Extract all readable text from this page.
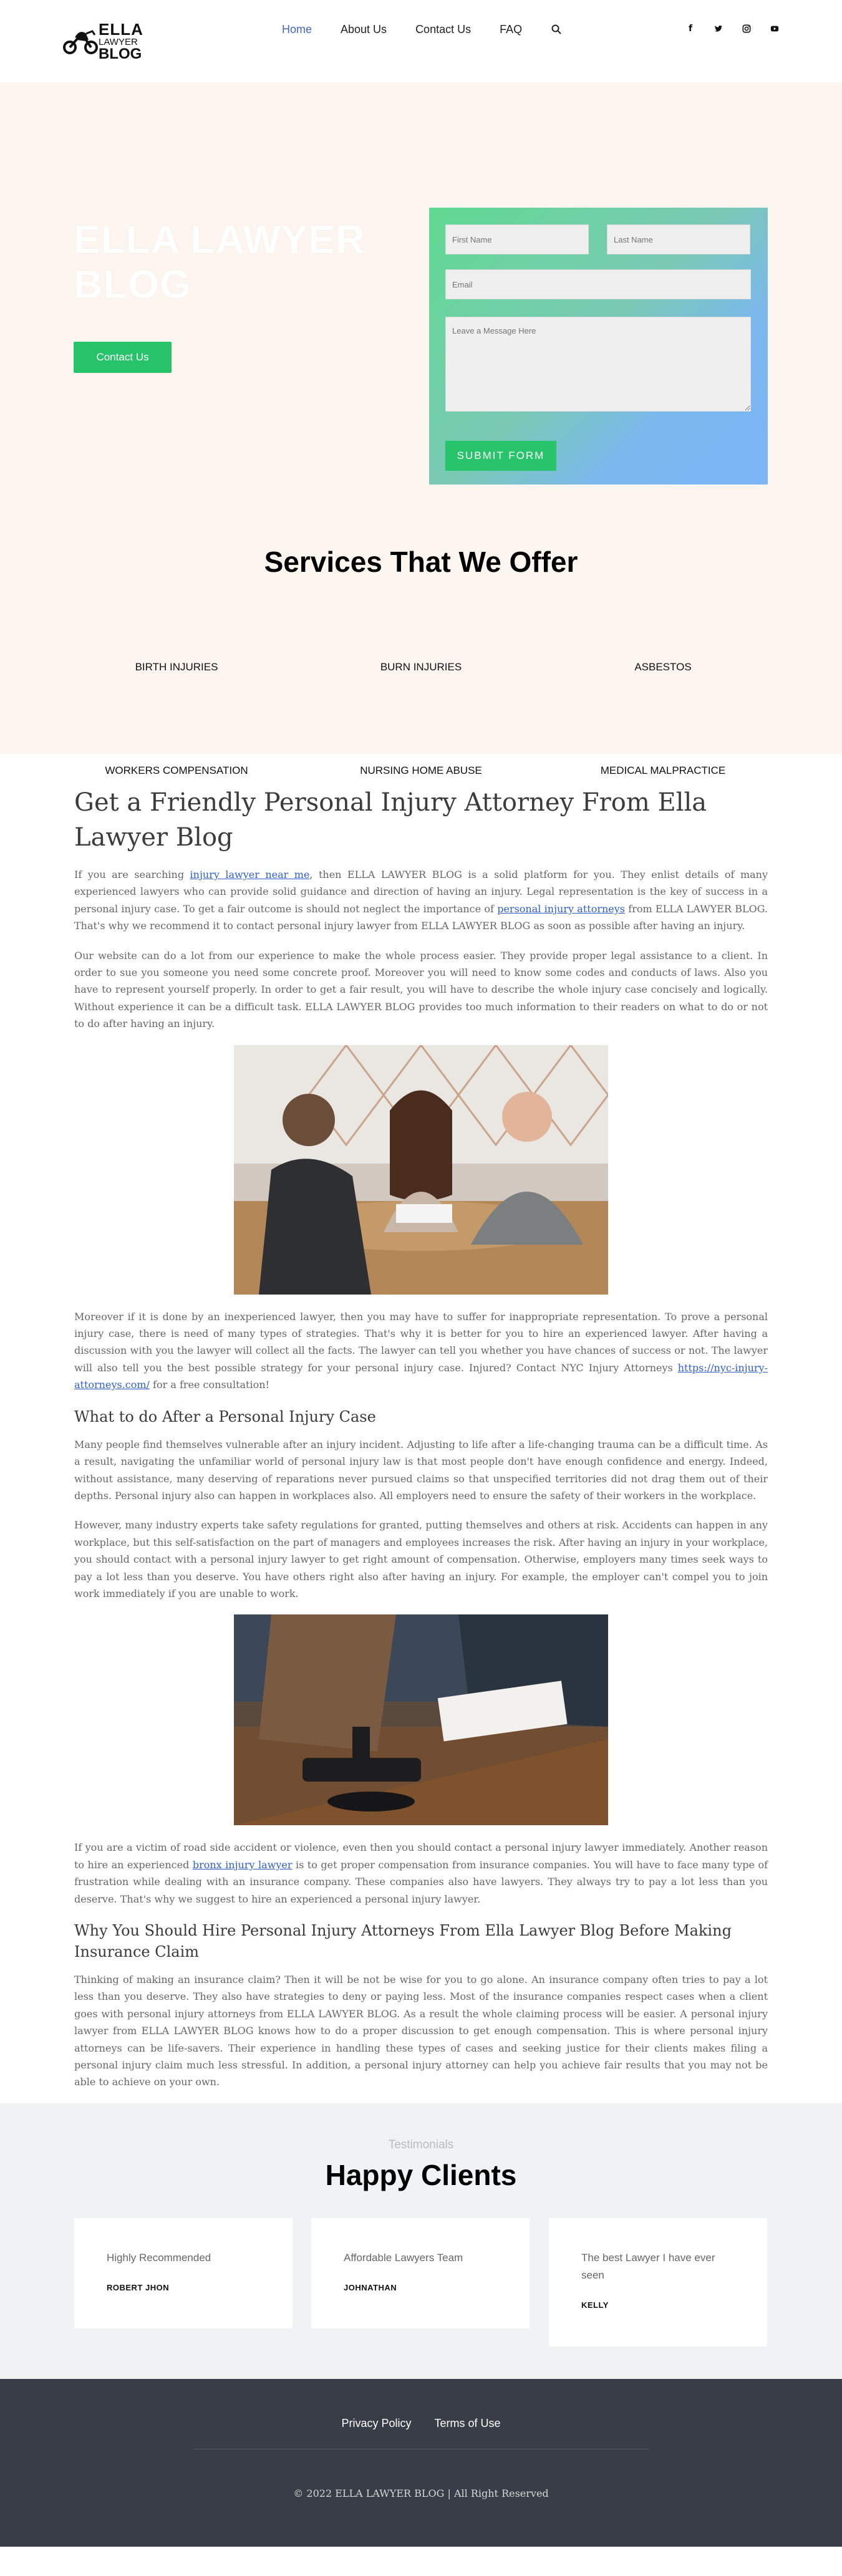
ELLA
LAWYER
BLOG
Home	About Us	Contact Us	FAQ	f
ELLA LAWYER
BLOG
Contact Us
First Name
Last Name
Email
Leave a Message Here
SUBMIT FORM
Services That We Offer
BIRTH INJURIES	BURN INJURIES	ASBESTOS
WORKERS COMPENSATION	NURSING HOME ABUSE	MEDICAL MALPRACTICE
Get a Friendly Personal Injury Attorney From Ella Lawyer Blog

If you are searching injury lawyer near me, then ELLA LAWYER BLOG is a solid platform for you. They enlist details of many experienced lawyers who can provide solid guidance and direction of having an injury. Legal representation is the key of success in a personal injury case. To get a fair outcome is should not neglect the importance of personal injury attorneys from ELLA LAWYER BLOG. That's why we recommend it to contact personal injury lawyer from ELLA LAWYER BLOG as soon as possible after having an injury.

Our website can do a lot from our experience to make the whole process easier. They provide proper legal assistance to a client. In order to sue you someone you need some concrete proof. Moreover you will need to know some codes and conducts of laws. Also you have to represent yourself properly. In order to get a fair result, you will have to describe the whole injury case concisely and logically. Without experience it can be a difficult task. ELLA LAWYER BLOG provides too much information to their readers on what to do or not to do after having an injury.

Moreover if it is done by an inexperienced lawyer, then you may have to suffer for inappropriate representation. To prove a personal injury case, there is need of many types of strategies. That's why it is better for you to hire an experienced lawyer. After having a discussion with you the lawyer will collect all the facts. The lawyer can tell you whether you have chances of success or not. The lawyer will also tell you the best possible strategy for your personal injury case. Injured? Contact NYC Injury Attorneys https://nyc-injury-attorneys.com/ for a free consultation!

What to do After a Personal Injury Case

Many people find themselves vulnerable after an injury incident. Adjusting to life after a life-changing trauma can be a difficult time. As a result, navigating the unfamiliar world of personal injury law is that most people don't have enough confidence and energy. Indeed, without assistance, many deserving of reparations never pursued claims so that unspecified territories did not drag them out of their depths. Personal injury also can happen in workplaces also. All employers need to ensure the safety of their workers in the workplace.

However, many industry experts take safety regulations for granted, putting themselves and others at risk. Accidents can happen in any workplace, but this self-satisfaction on the part of managers and employees increases the risk. After having an injury in your workplace, you should contact with a personal injury lawyer to get right amount of compensation. Otherwise, employers many times seek ways to pay a lot less than you deserve. You have others right also after having an injury. For example, the employer can't compel you to join work immediately if you are unable to work.

If you are a victim of road side accident or violence, even then you should contact a personal injury lawyer immediately. Another reason to hire an experienced bronx injury lawyer is to get proper compensation from insurance companies. You will have to face many type of frustration while dealing with an insurance company. These companies also have lawyers. They always try to pay a lot less than you deserve. That's why we suggest to hire an experienced a personal injury lawyer.

Why You Should Hire Personal Injury Attorneys From Ella Lawyer Blog Before Making Insurance Claim

Thinking of making an insurance claim? Then it will be not be wise for you to go alone. An insurance company often tries to pay a lot less than you deserve. They also have strategies to deny or paying less. Most of the insurance companies respect cases when a client goes with personal injury attorneys from ELLA LAWYER BLOG. As a result the whole claiming process will be easier. A personal injury lawyer from ELLA LAWYER BLOG knows how to do a proper discussion to get enough compensation. This is where personal injury attorneys can be life-savers. Their experience in handling these types of cases and seeking justice for their clients makes filing a personal injury claim much less stressful. In addition, a personal injury attorney can help you achieve fair results that you may not be able to achieve on your own.

Testimonials
Happy Clients
Highly Recommended
ROBERT JHON
Affordable Lawyers Team
JOHNATHAN
The best Lawyer I have ever seen
KELLY
Privacy Policy Terms of Use
© 2022 ELLA LAWYER BLOG | All Right Reserved
